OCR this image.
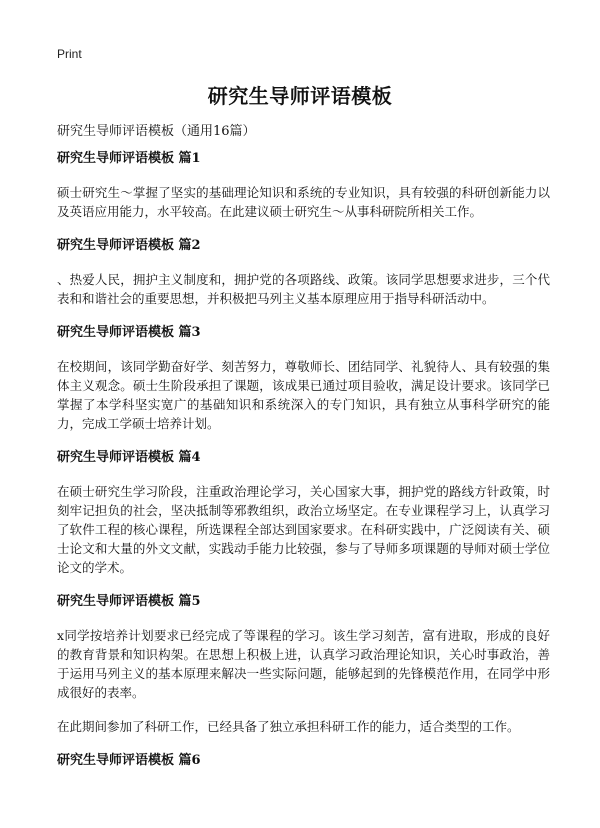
Print
研究生导师评语模板
研究生导师评语模板（通用16篇）
研究生导师评语模板 篇1
硕士研究生～掌握了坚实的基础理论知识和系统的专业知识，具有较强的科研创新能力以及英语应用能力，水平较高。在此建议硕士研究生～从事科研院所相关工作。
研究生导师评语模板 篇2
、热爱人民，拥护主义制度和，拥护党的各项路线、政策。该同学思想要求进步，三个代表和和谐社会的重要思想，并积极把马列主义基本原理应用于指导科研活动中。
研究生导师评语模板 篇3
在校期间，该同学勤奋好学、刻苦努力，尊敬师长、团结同学、礼貌待人、具有较强的集体主义观念。硕士生阶段承担了课题，该成果已通过项目验收，满足设计要求。该同学已掌握了本学科坚实宽广的基础知识和系统深入的专门知识，具有独立从事科学研究的能力，完成工学硕士培养计划。
研究生导师评语模板 篇4
在硕士研究生学习阶段，注重政治理论学习，关心国家大事，拥护党的路线方针政策，时刻牢记担负的社会，坚决抵制等邪教组织，政治立场坚定。在专业课程学习上，认真学习了软件工程的核心课程，所选课程全部达到国家要求。在科研实践中，广泛阅读有关、硕士论文和大量的外文文献，实践动手能力比较强，参与了导师多项课题的导师对硕士学位论文的学术。
研究生导师评语模板 篇5
x同学按培养计划要求已经完成了等课程的学习。该生学习刻苦，富有进取，形成的良好的教育背景和知识构架。在思想上积极上进，认真学习政治理论知识，关心时事政治，善于运用马列主义的基本原理来解决一些实际问题，能够起到的先锋模范作用，在同学中形成很好的表率。
在此期间参加了科研工作，已经具备了独立承担科研工作的能力，适合类型的工作。
研究生导师评语模板 篇6
